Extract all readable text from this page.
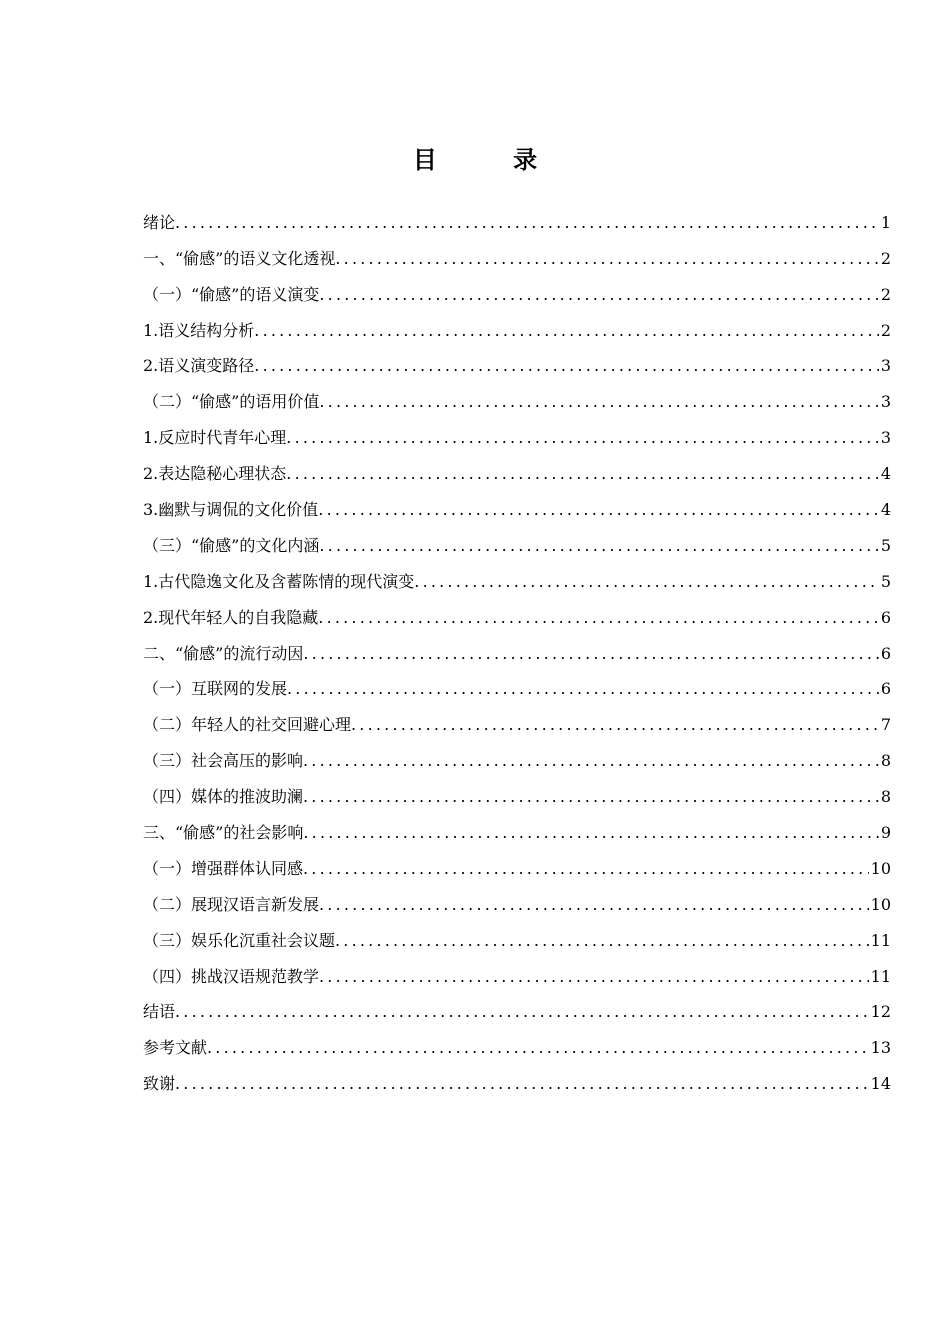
目 录
绪论 .....	1
一、“偷感”的语义文化透视 .....	2
（一）“偷感”的语义演变 .....	2
1.语义结构分析 .....	2
2.语义演变路径 .....	3
（二）“偷感”的语用价值 .....	3
1.反应时代青年心理 .....	3
2.表达隐秘心理状态 .....	4
3.幽默与调侃的文化价值 .....	4
（三）“偷感”的文化内涵 .....	5
1.古代隐逸文化及含蓄陈情的现代演变 .....	5
2.现代年轻人的自我隐藏 .....	6
二、“偷感”的流行动因 .....	6
（一）互联网的发展 .....	6
（二）年轻人的社交回避心理 .....	7
（三）社会高压的影响 .....	8
（四）媒体的推波助澜 .....	8
三、“偷感”的社会影响 .....	9
（一）增强群体认同感 .....	10
（二）展现汉语言新发展 .....	10
（三）娱乐化沉重社会议题 .....	11
（四）挑战汉语规范教学 .....	11
结语 .....	12
参考文献 .....	13
致谢 .....	14
